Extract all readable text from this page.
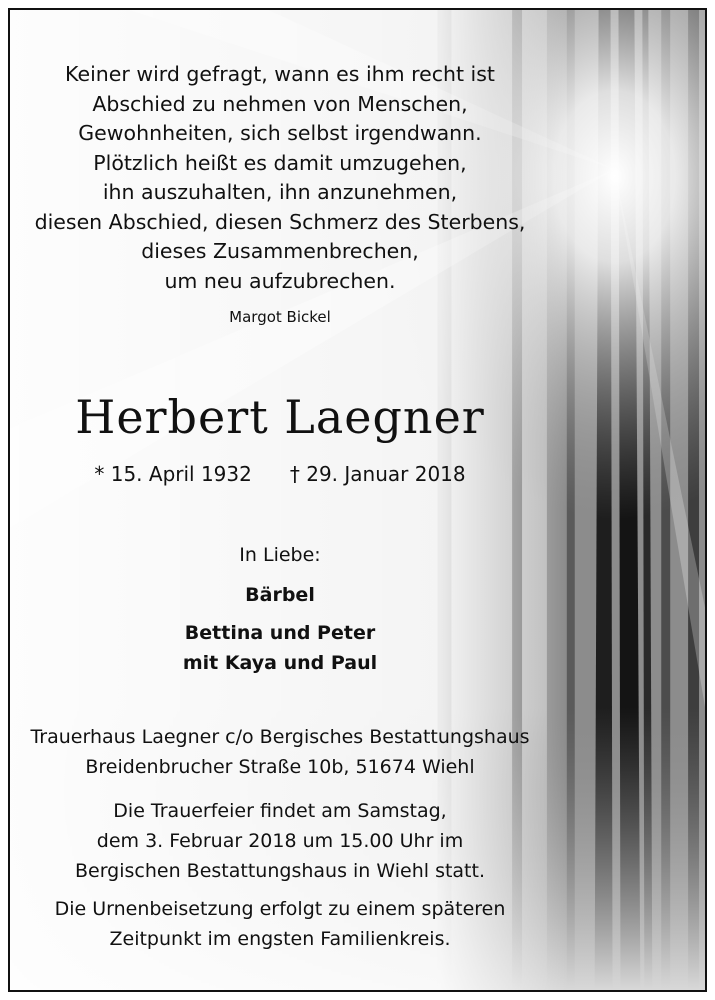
Keiner wird gefragt, wann es ihm recht ist
Abschied zu nehmen von Menschen,
Gewohnheiten, sich selbst irgendwann.
Plötzlich heißt es damit umzugehen,
ihn auszuhalten, ihn anzunehmen,
diesen Abschied, diesen Schmerz des Sterbens,
dieses Zusammenbrechen,
um neu aufzubrechen.
Margot Bickel
Herbert Laegner
* 15. April 1932 † 29. Januar 2018
In Liebe:
Bärbel
Bettina und Peter
mit Kaya und Paul
Trauerhaus Laegner c/o Bergisches Bestattungshaus
Breidenbrucher Straße 10b, 51674 Wiehl
Die Trauerfeier findet am Samstag,
dem 3. Februar 2018 um 15.00 Uhr im
Bergischen Bestattungshaus in Wiehl statt.
Die Urnenbeisetzung erfolgt zu einem späteren
Zeitpunkt im engsten Familienkreis.
